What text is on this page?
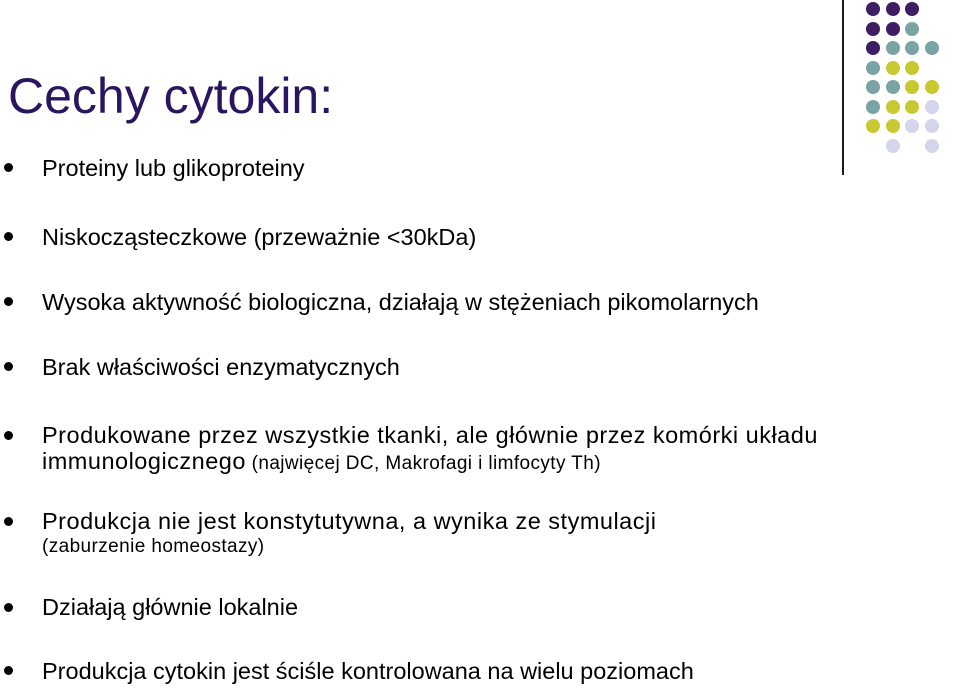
Cechy cytokin:
Proteiny lub glikoproteiny
Niskocząsteczkowe (przeważnie <30kDa)
Wysoka aktywność biologiczna, działają w stężeniach pikomolarnych
Brak właściwości enzymatycznych
Produkowane przez wszystkie tkanki, ale głównie przez komórki układu
immunologicznego (najwięcej DC, Makrofagi i limfocyty Th)
Produkcja nie jest konstytutywna, a wynika ze stymulacji
(zaburzenie homeostazy)
Działają głównie lokalnie
Produkcja cytokin jest ściśle kontrolowana na wielu poziomach
